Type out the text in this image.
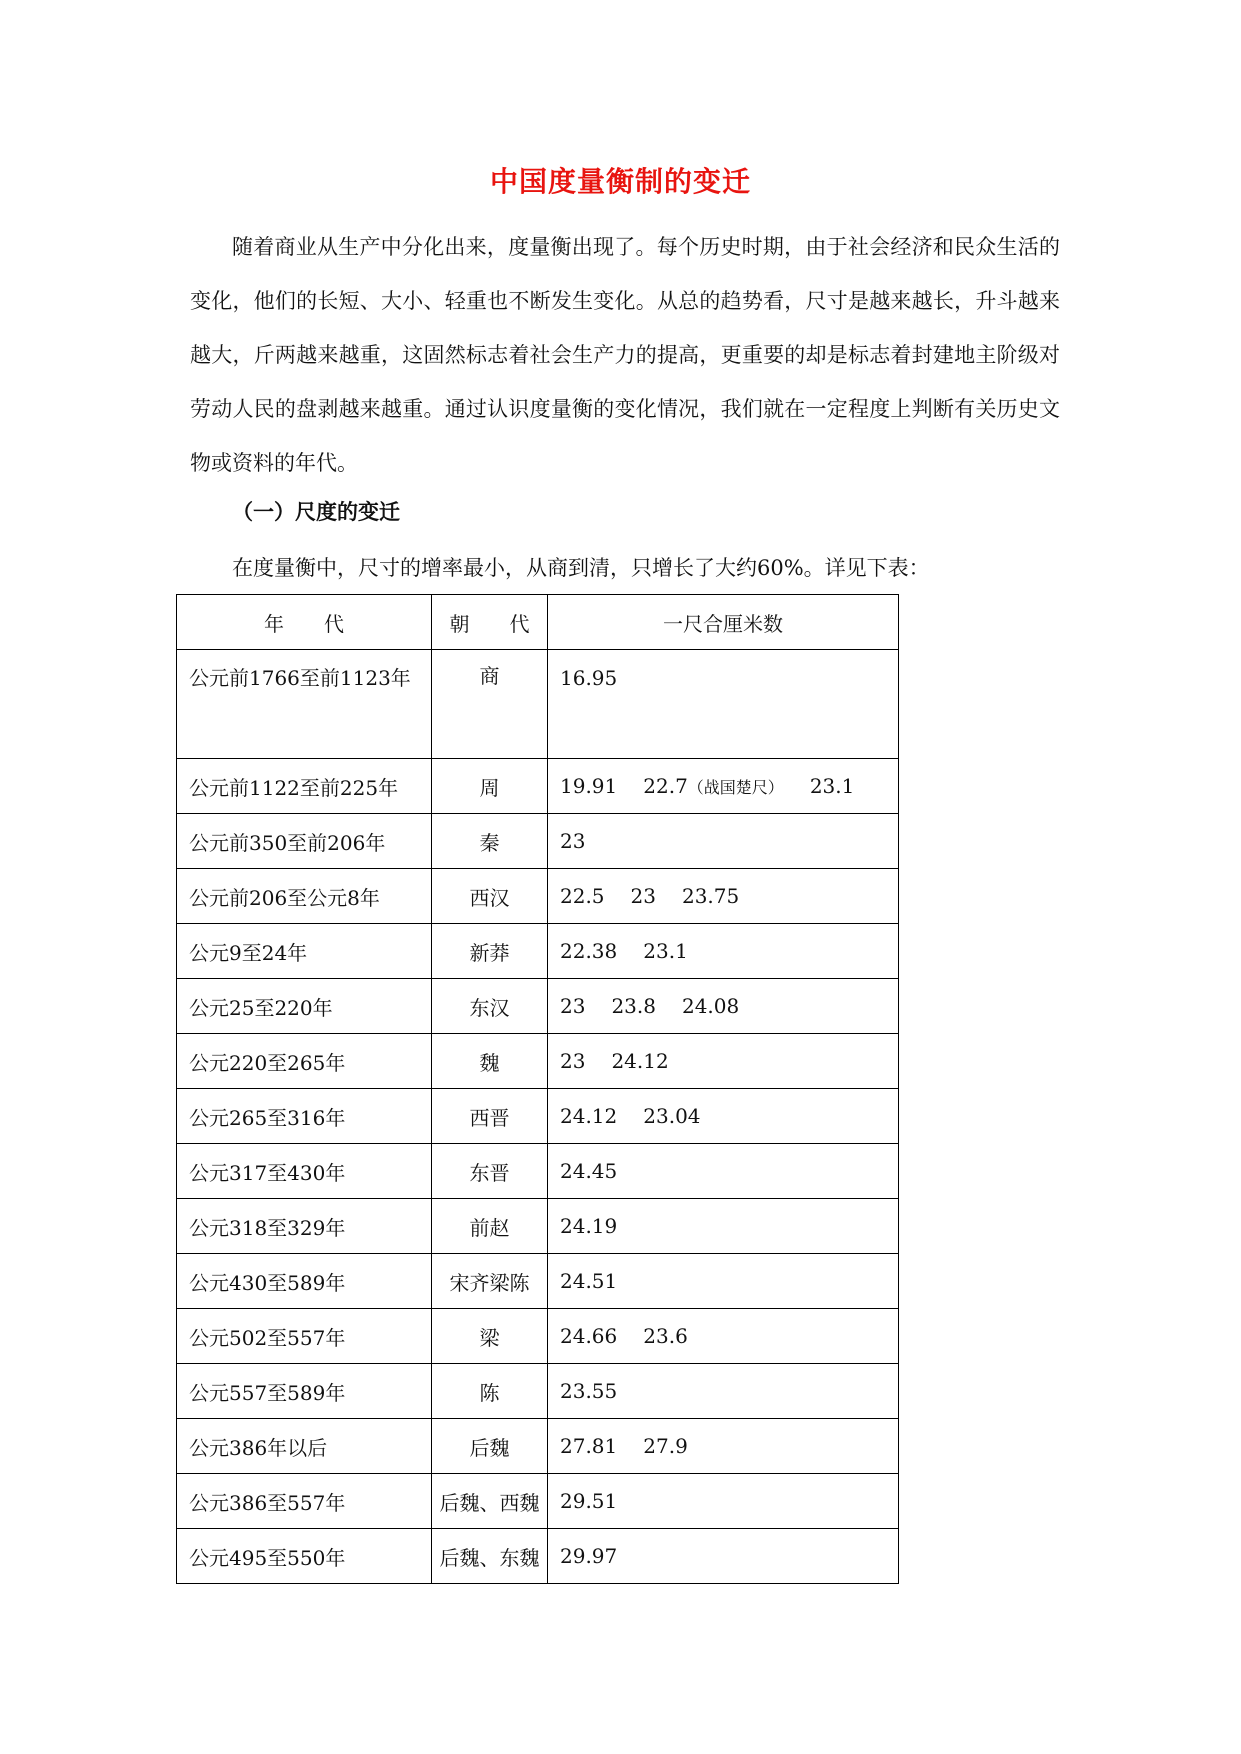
中国度量衡制的变迁

随着商业从生产中分化出来，度量衡出现了。每个历史时期，由于社会经济和民众生活的变化，他们的长短、大小、轻重也不断发生变化。从总的趋势看，尺寸是越来越长，升斗越来越大，斤两越来越重，这固然标志着社会生产力的提高，更重要的却是标志着封建地主阶级对劳动人民的盘剥越来越重。通过认识度量衡的变化情况，我们就在一定程度上判断有关历史文物或资料的年代。

（一）尺度的变迁
在度量衡中，尺寸的增率最小，从商到清，只增长了大约60%。详见下表：
年　　代	朝　　代	一尺合厘米数
公元前1766至前1123年	商	16.95
公元前1122至前225年	周	19.91 22.7（战国楚尺） 23.1
公元前350至前206年	秦	23
公元前206至公元8年	西汉	22.5 23 23.75
公元9至24年	新莽	22.38 23.1
公元25至220年	东汉	23 23.8 24.08
公元220至265年	魏	23 24.12
公元265至316年	西晋	24.12 23.04
公元317至430年	东晋	24.45
公元318至329年	前赵	24.19
公元430至589年	宋齐梁陈	24.51
公元502至557年	梁	24.66 23.6
公元557至589年	陈	23.55
公元386年以后	后魏	27.81 27.9
公元386至557年	后魏、西魏	29.51
公元495至550年	后魏、东魏	29.97
